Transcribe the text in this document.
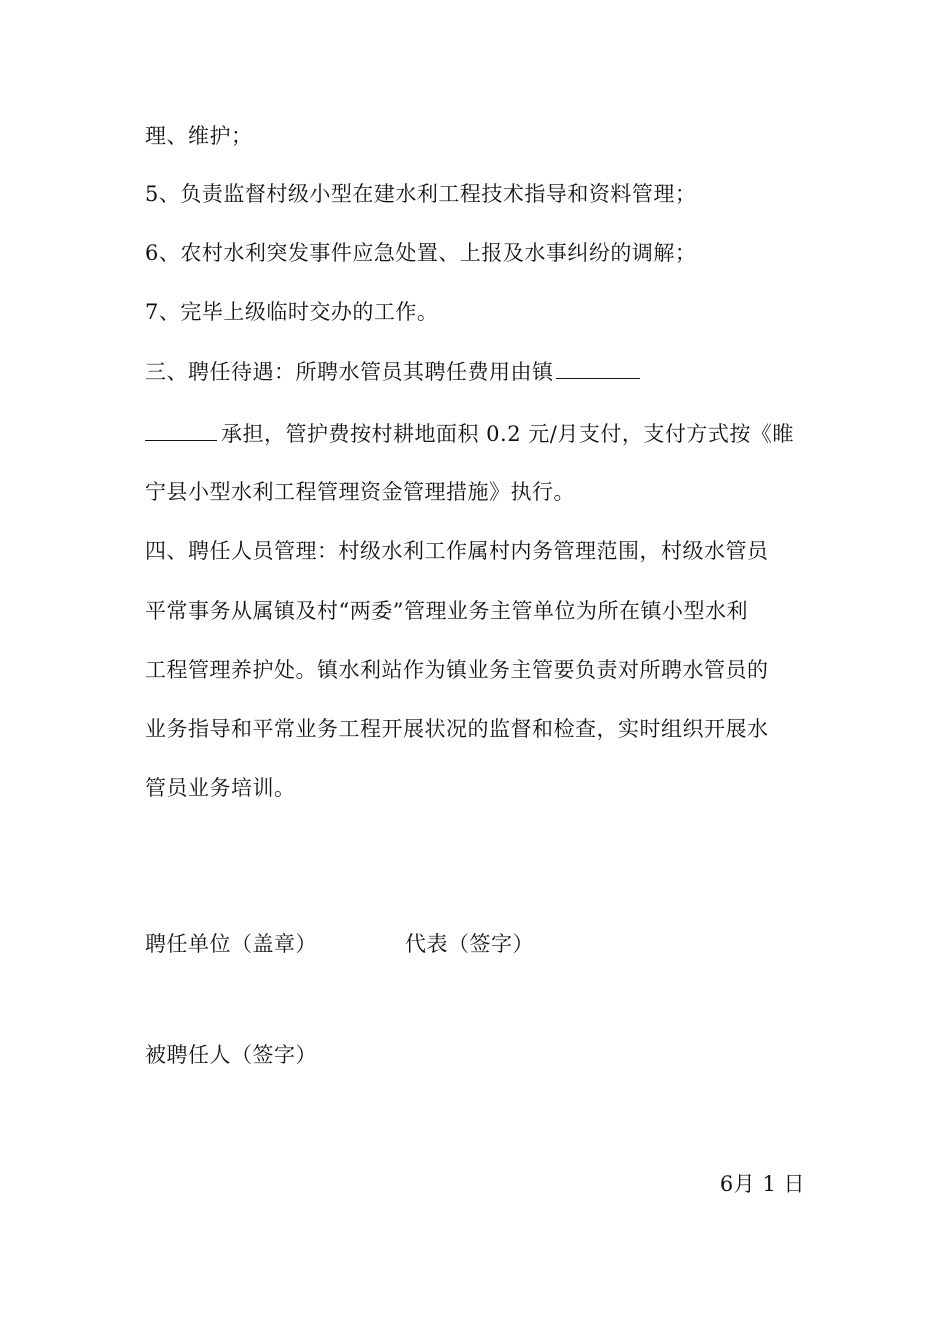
理、维护；
5、负责监督村级小型在建水利工程技术指导和资料管理；
6、农村水利突发事件应急处置、上报及水事纠纷的调解；
7、完毕上级临时交办的工作。
三、聘任待遇：所聘水管员其聘任费用由镇
承担，管护费按村耕地面积 0.2 元/月支付，支付方式按《睢
宁县小型水利工程管理资金管理措施》执行。
四、聘任人员管理：村级水利工作属村内务管理范围，村级水管员
平常事务从属镇及村“两委”管理业务主管单位为所在镇小型水利
工程管理养护处。镇水利站作为镇业务主管要负责对所聘水管员的
业务指导和平常业务工程开展状况的监督和检查，实时组织开展水
管员业务培训。
聘任单位（盖章）	代表（签字）
被聘任人（签字）
6月 1 日
